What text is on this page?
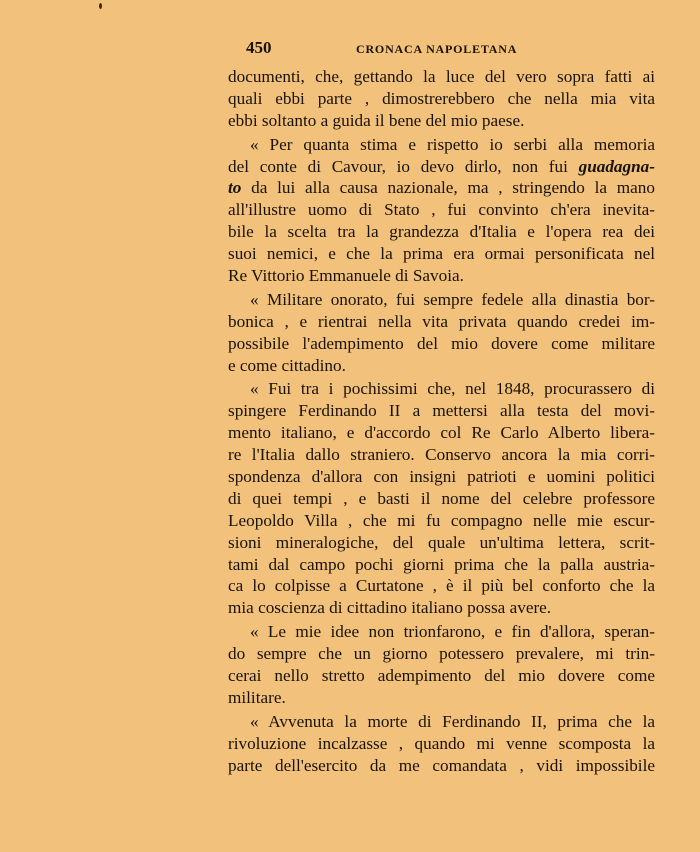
450	CRONACA NAPOLETANA
documenti, che, gettando la luce del vero sopra fatti ai
quali ebbi parte , dimostrerebbero che nella mia vita
ebbi soltanto a guida il bene del mio paese.
« Per quanta stima e rispetto io serbi alla memoria
del conte di Cavour, io devo dirlo, non fui guadagna-
to da lui alla causa nazionale, ma , stringendo la mano
all'illustre uomo di Stato , fui convinto ch'era inevita-
bile la scelta tra la grandezza d'Italia e l'opera rea dei
suoi nemici, e che la prima era ormai personificata nel
Re Vittorio Emmanuele di Savoia.
« Militare onorato, fui sempre fedele alla dinastia bor-
bonica , e rientrai nella vita privata quando credei im-
possibile l'adempimento del mio dovere come militare
e come cittadino.
« Fui tra i pochissimi che, nel 1848, procurassero di
spingere Ferdinando II a mettersi alla testa del movi-
mento italiano, e d'accordo col Re Carlo Alberto libera-
re l'Italia dallo straniero. Conservo ancora la mia corri-
spondenza d'allora con insigni patrioti e uomini politici
di quei tempi , e basti il nome del celebre professore
Leopoldo Villa , che mi fu compagno nelle mie escur-
sioni mineralogiche, del quale un'ultima lettera, scrit-
tami dal campo pochi giorni prima che la palla austria-
ca lo colpisse a Curtatone , è il più bel conforto che la
mia coscienza di cittadino italiano possa avere.
« Le mie idee non trionfarono, e fin d'allora, speran-
do sempre che un giorno potessero prevalere, mi trin-
cerai nello stretto adempimento del mio dovere come
militare.
« Avvenuta la morte di Ferdinando II, prima che la
rivoluzione incalzasse , quando mi venne scomposta la
parte dell'esercito da me comandata , vidi impossibile
